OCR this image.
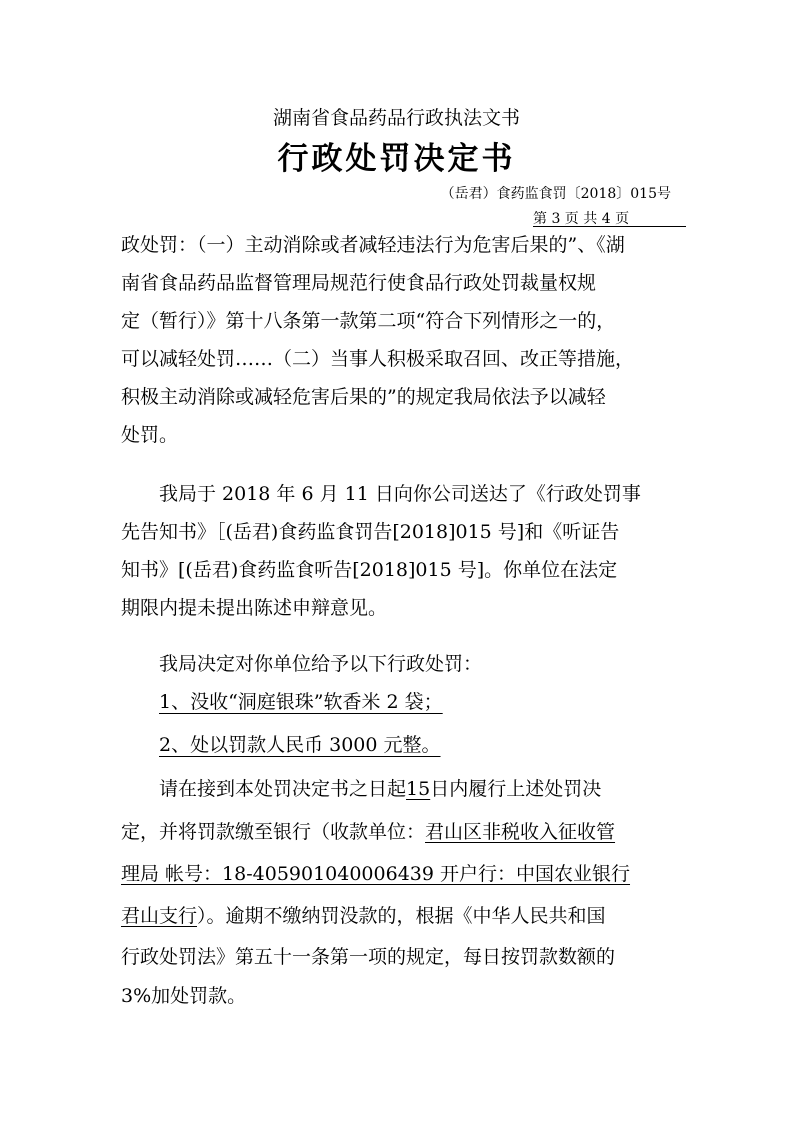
湖南省食品药品行政执法文书
行政处罚决定书
（岳君）食药监食罚〔2018〕015号
第 3 页 共 4 页
政处罚：（一）主动消除或者减轻违法行为危害后果的”、《湖
南省食品药品监督管理局规范行使食品行政处罚裁量权规
定（暂行）》第十八条第一款第二项“符合下列情形之一的，
可以减轻处罚……（二）当事人积极采取召回、改正等措施，
积极主动消除或减轻危害后果的”的规定我局依法予以减轻
处罚。
我局于 2018 年 6 月 11 日向你公司送达了《行政处罚事
先告知书》［(岳君)食药监食罚告[2018]015 号]和《听证告
知书》[(岳君)食药监食听告[2018]015 号]。你单位在法定
期限内提未提出陈述申辩意见。
我局决定对你单位给予以下行政处罚：
1、没收“洞庭银珠”软香米 2 袋；
2、处以罚款人民币 3000 元整。
请在接到本处罚决定书之日起15日内履行上述处罚决
定，并将罚款缴至银行（收款单位：君山区非税收入征收管
理局 帐号：18-405901040006439 开户行：中国农业银行
君山支行）。逾期不缴纳罚没款的，根据《中华人民共和国
行政处罚法》第五十一条第一项的规定，每日按罚款数额的
3%加处罚款。
